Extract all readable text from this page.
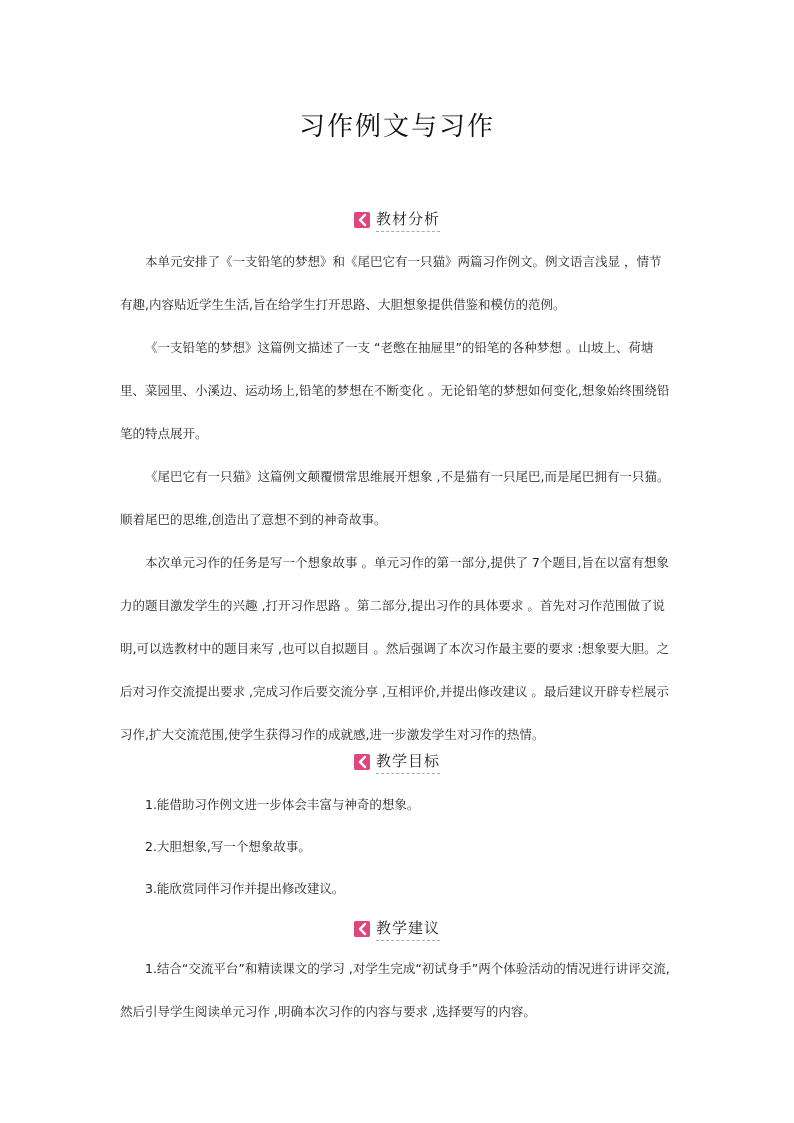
习作例文与习作
教材分析

本单元安排了《一支铅笔的梦想》和《尾巴它有一只猫》两篇习作例文。例文语言浅显 ，情节有趣,内容贴近学生生活,旨在给学生打开思路、大胆想象提供借鉴和模仿的范例。

《一支铅笔的梦想》这篇例文描述了一支 “老憋在抽屉里”的铅笔的各种梦想 。山坡上、荷塘里、菜园里、小溪边、运动场上,铅笔的梦想在不断变化 。无论铅笔的梦想如何变化,想象始终围绕铅笔的特点展开。

《尾巴它有一只猫》这篇例文颠覆惯常思维展开想象 ,不是猫有一只尾巴,而是尾巴拥有一只猫。顺着尾巴的思维,创造出了意想不到的神奇故事。

本次单元习作的任务是写一个想象故事 。单元习作的第一部分,提供了 7个题目,旨在以富有想象力的题目激发学生的兴趣 ,打开习作思路 。第二部分,提出习作的具体要求 。首先对习作范围做了说明,可以选教材中的题目来写 ,也可以自拟题目 。然后强调了本次习作最主要的要求 :想象要大胆。之后对习作交流提出要求 ,完成习作后要交流分享 ,互相评价,并提出修改建议 。最后建议开辟专栏展示习作,扩大交流范围,使学生获得习作的成就感,进一步激发学生对习作的热情。

教学目标

1.能借助习作例文进一步体会丰富与神奇的想象。

2.大胆想象,写一个想象故事。

3.能欣赏同伴习作并提出修改建议。

教学建议

1.结合“交流平台”和精读课文的学习 ,对学生完成“初试身手”两个体验活动的情况进行讲评交流,然后引导学生阅读单元习作 ,明确本次习作的内容与要求 ,选择要写的内容。
